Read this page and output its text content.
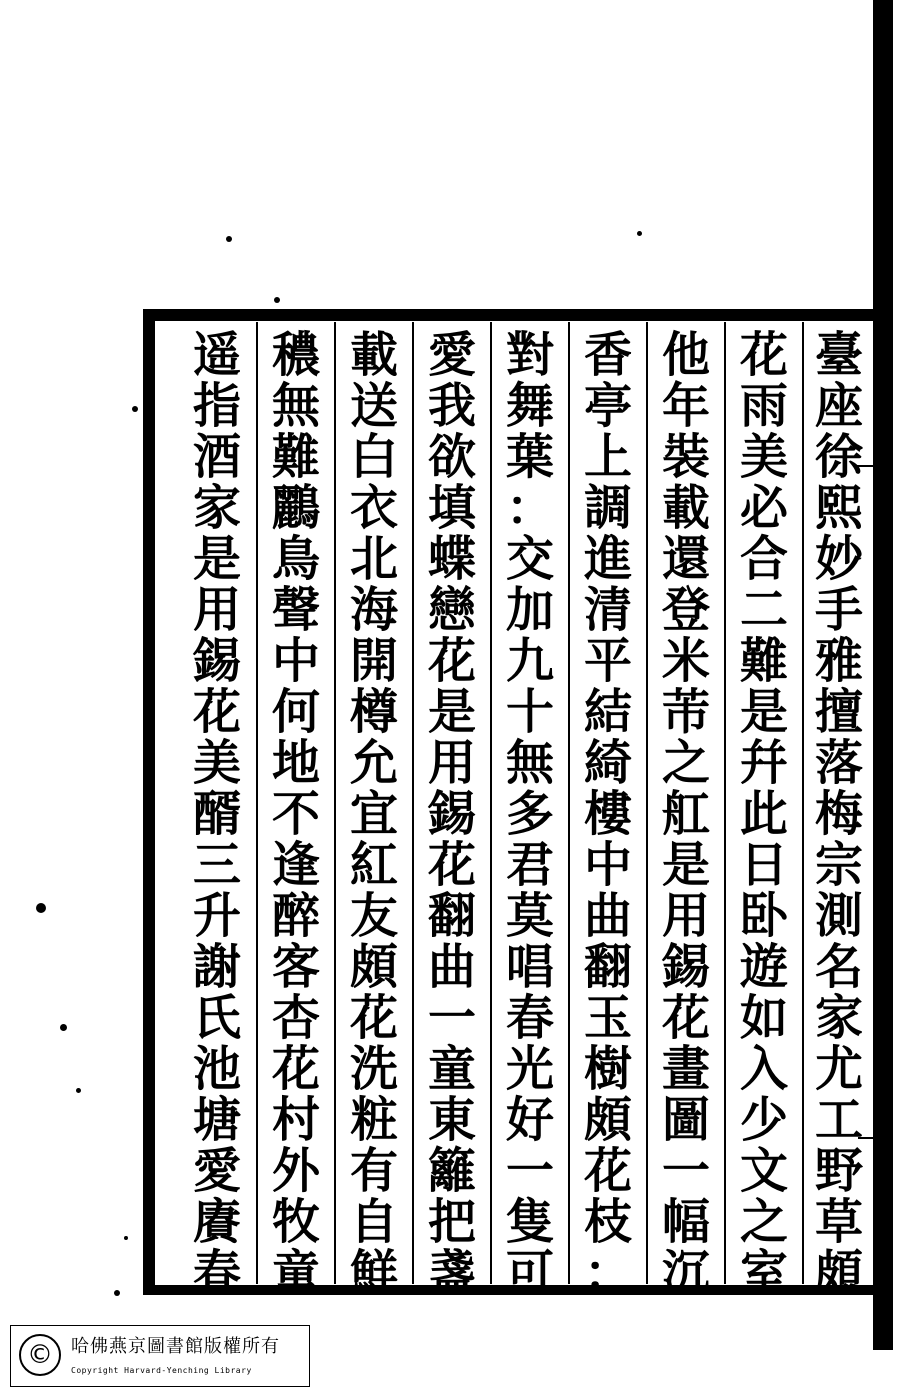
臺
座
徐
熙
妙
手
雅
擅
落
梅
宗
測
名
家
尤
工
野
草
頗
花
雨
美
必
合
二
難
是
幷
此
日
卧
遊
如
入
少
文
之
室
他
年
裝
載
還
登
米
芾
之
舡
是
用
錫
花
畫
圖
一
幅
沉
香
亭
上
調
進
清
平
結
綺
樓
中
曲
翻
玉
樹
頗
花
枝
：
對
舞
葉
：
交
加
九
十
無
多
君
莫
唱
春
光
好
一
隻
可
愛
我
欲
填
蝶
戀
花
是
用
錫
花
翻
曲
一
童
東
籬
把
盞
載
送
白
衣
北
海
開
樽
允
宜
紅
友
頗
花
洗
粧
有
自
鮮
穠
無
難
鸝
鳥
聲
中
何
地
不
逢
醉
客
杏
花
村
外
牧
童
遥
指
酒
家
是
用
錫
花
美
醑
三
升
謝
氏
池
塘
愛
賡
春
©	哈佛燕京圖書館版權所有
Copyright Harvard-Yenching Library
